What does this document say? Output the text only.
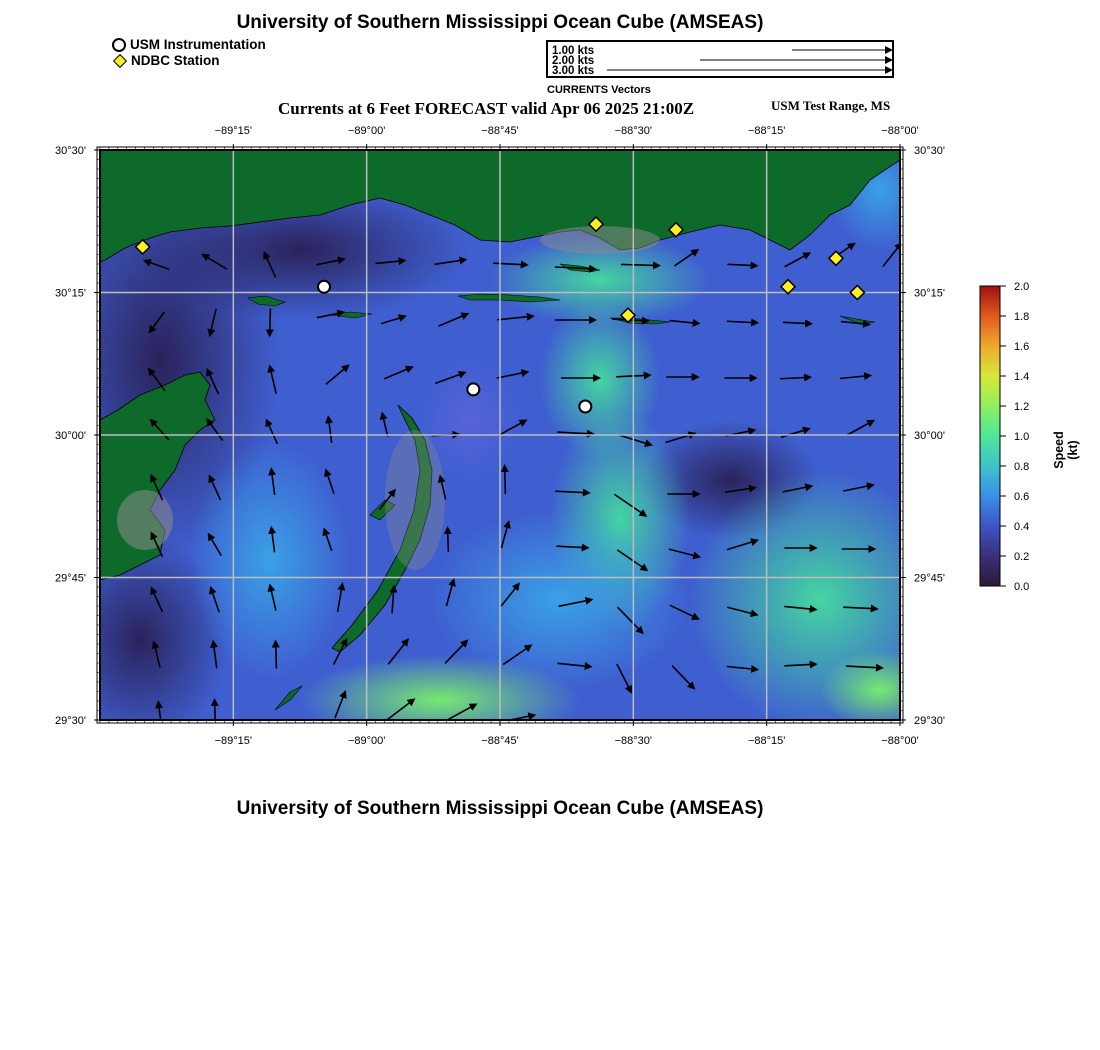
University of Southern Mississippi Ocean Cube (AMSEAS)
USM Instrumentation
NDBC Station
1.00 kts
2.00 kts
3.00 kts
CURRENTS Vectors
Currents at 6 Feet FORECAST valid Apr 06 2025 21:00Z	USM Test Range, MS
−89°15'
−89°15'
−89°00'
−89°00'
−88°45'
−88°45'
−88°30'
−88°30'
−88°15'
−88°15'
−88°00'
−88°00'
30°30'	30°30'
30°15'	30°15'
30°00'	30°00'
29°45'	29°45'
29°30'	29°30'
0.0
0.2
0.4
0.6
0.8
1.0
1.2
1.4
1.6
1.8
2.0
Speed (kt)
University of Southern Mississippi Ocean Cube (AMSEAS)
